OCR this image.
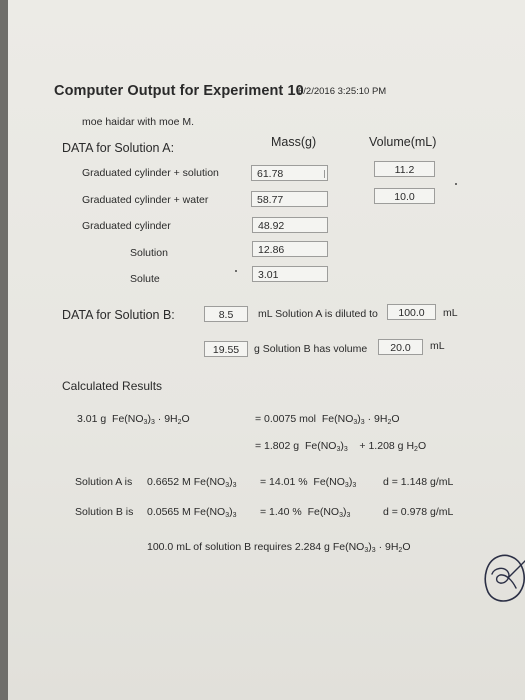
Computer Output for Experiment 10
6/2/2016 3:25:10 PM
moe haidar with moe M.
DATA for Solution A:	Mass(g)	Volume(mL)
Graduated cylinder + solution	61.78	11.2
Graduated cylinder + water	58.77	10.0
Graduated cylinder	48.92
Solution	12.86
Solute	3.01
DATA for Solution B:	8.5	mL Solution A is diluted to	100.0	mL
19.55	g Solution B has volume	20.0	mL
Calculated Results
3.01 g $Fe(NO_3)_3 \cdot 9H_2O$	= 0.0075 mol $Fe(NO_3)_3 \cdot 9H_2O$
= 1.802 g $Fe(NO_3)_3 + 1.208$ g $H_2O$
Solution A is 0.6652 M $Fe(NO_3)_3 = 14.01$ % $Fe(NO_3)_3$	d = 1.148 g/mL
Solution B is 0.0565 M $Fe(NO_3)_3 = 1.40$ % $Fe(NO_3)_3$	d = 0.978 g/mL
100.0 mL of solution B requires 2.284 g $Fe(NO_3)_3 \cdot 9H_2O$
